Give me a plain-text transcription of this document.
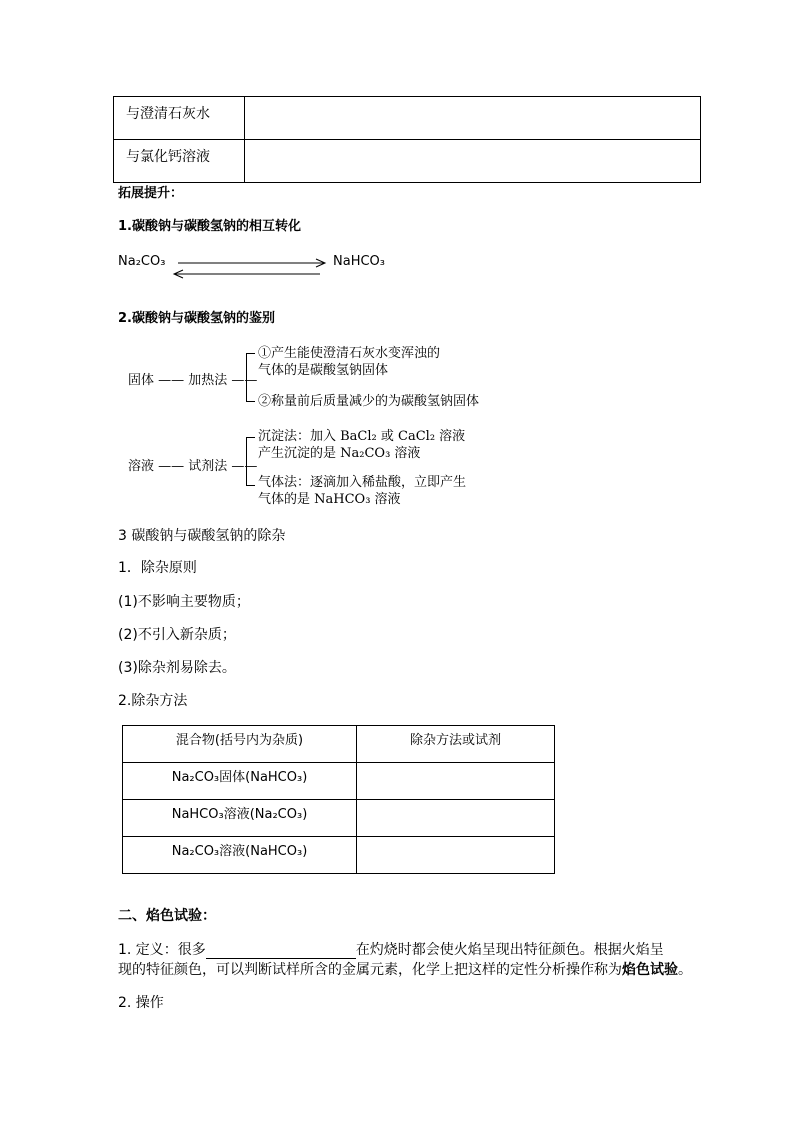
与澄清石灰水	
与氯化钙溶液	
拓展提升：
1.碳酸钠与碳酸氢钠的相互转化
Na₂CO₃	NaHCO₃
2.碳酸钠与碳酸氢钠的鉴别
固体 —— 加热法 ——
①产生能使澄清石灰水变浑浊的
气体的是碳酸氢钠固体
②称量前后质量减少的为碳酸氢钠固体
溶液 —— 试剂法 ——
沉淀法：加入 BaCl₂ 或 CaCl₂ 溶液
产生沉淀的是 Na₂CO₃ 溶液
气体法：逐滴加入稀盐酸，立即产生
气体的是 NaHCO₃ 溶液
3 碳酸钠与碳酸氢钠的除杂
1．除杂原则
(1)不影响主要物质；
(2)不引入新杂质；
(3)除杂剂易除去。
2.除杂方法
混合物(括号内为杂质)	除杂方法或试剂
Na₂CO₃固体(NaHCO₃)	
NaHCO₃溶液(Na₂CO₃)	
Na₂CO₃溶液(NaHCO₃)	
二、焰色试验：
1. 定义：很多	在灼烧时都会使火焰呈现出特征颜色。根据火焰呈
现的特征颜色，可以判断试样所含的金属元素，化学上把这样的定性分析操作称为焰色试验。
2. 操作
